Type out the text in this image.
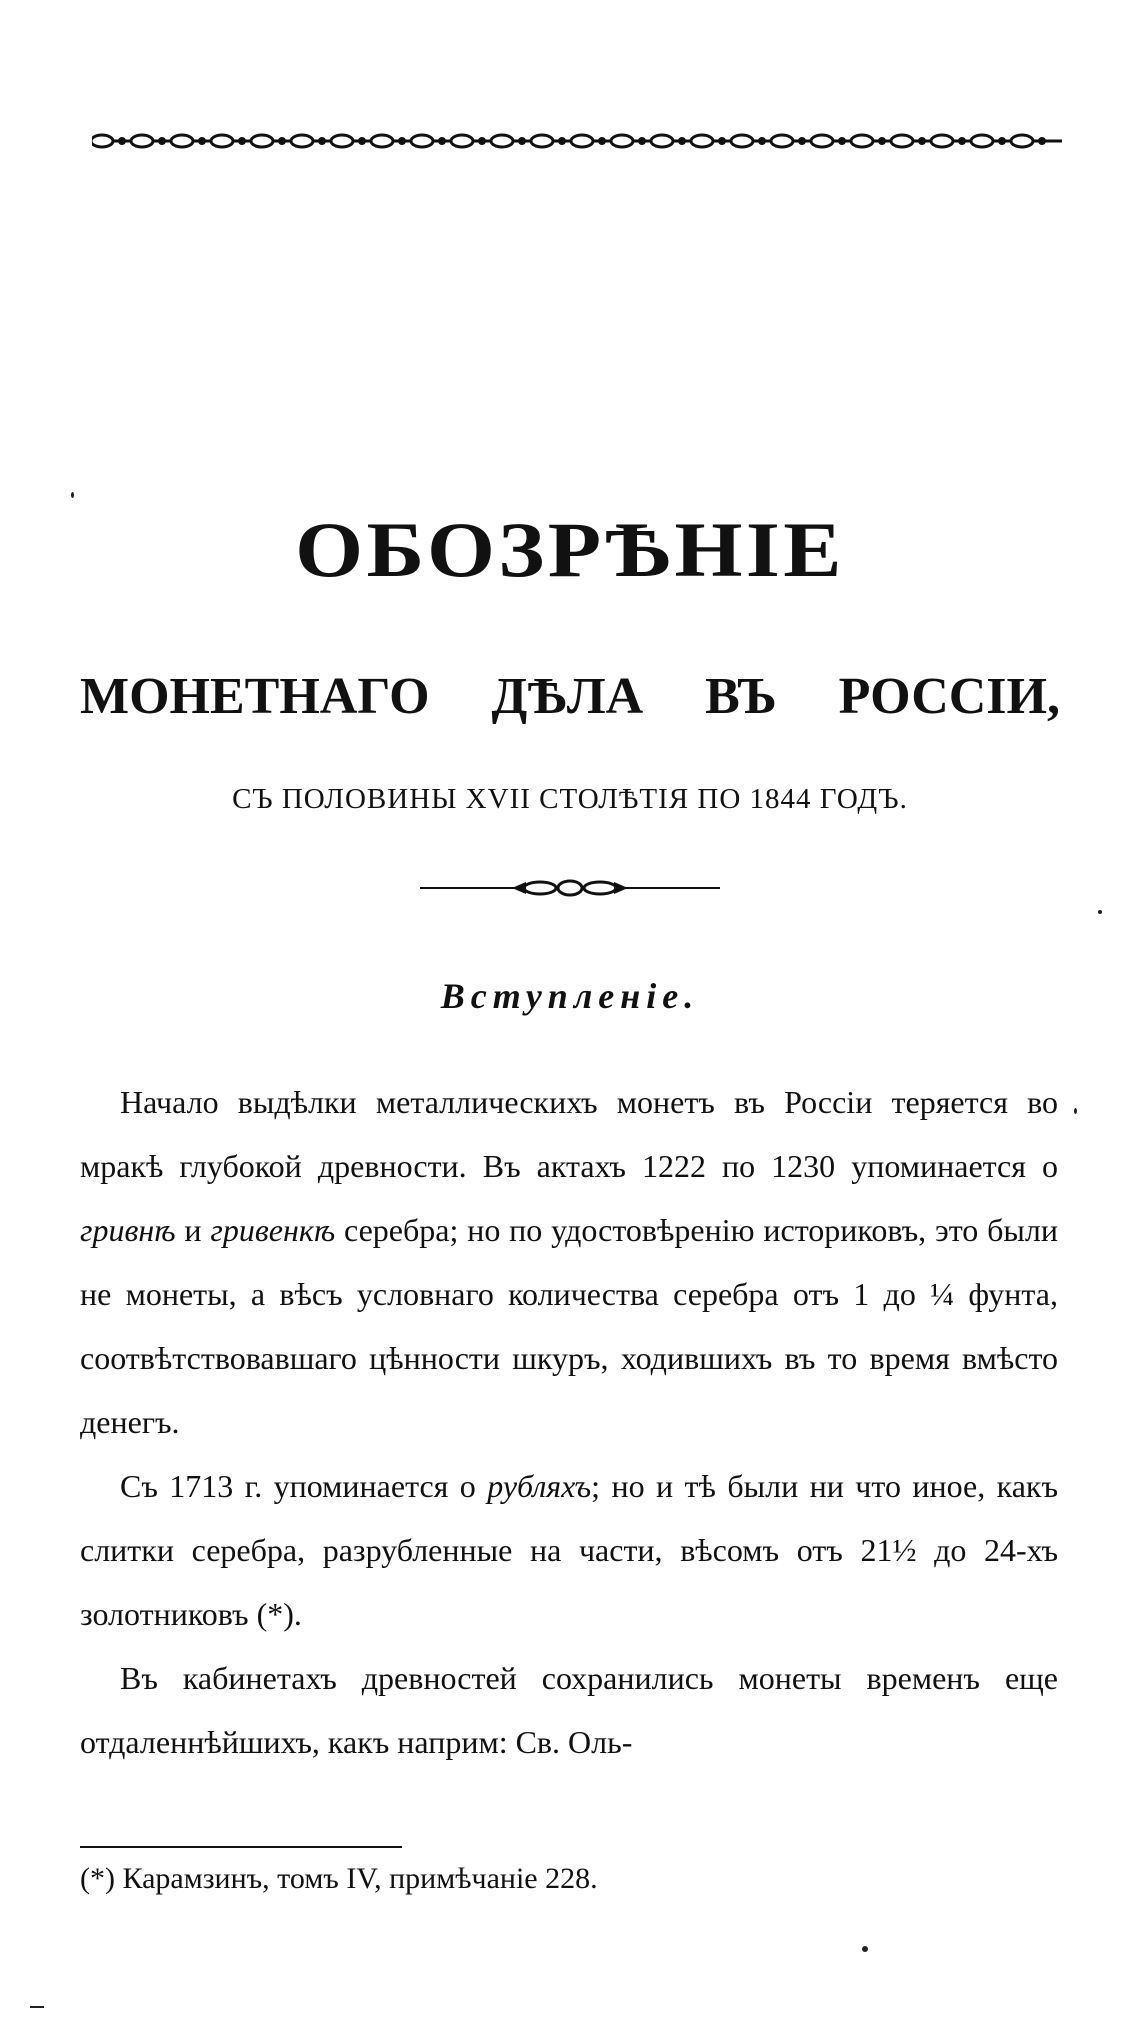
ОБОЗРѢНІЕ
МОНЕТНАГО ДѢЛА ВЪ РОССІИ,

СЪ ПОЛОВИНЫ XVII СТОЛѢТІЯ ПО 1844 ГОДЪ.

Вступленіе.

Начало выдѣлки металлическихъ монетъ въ Россіи теряется во мракѣ глубокой древности. Въ актахъ 1222 по 1230 упоминается о гривнѣ и гривенкѣ серебра; но по удостовѣренію историковъ, это были не монеты, а вѣсъ условнаго количества серебра отъ 1 до ¼ фунта, соотвѣтствовавшаго цѣнности шкуръ, ходившихъ въ то время вмѣсто денегъ.

Съ 1713 г. упоминается о рубляхъ; но и тѣ были ни что иное, какъ слитки серебра, разрубленные на части, вѣсомъ отъ 21½ до 24-хъ золотниковъ (*).

Въ кабинетахъ древностей сохранились монеты временъ еще отдаленнѣйшихъ, какъ наприм: Св. Оль-

(*) Карамзинъ, томъ IV, примѣчаніе 228.
